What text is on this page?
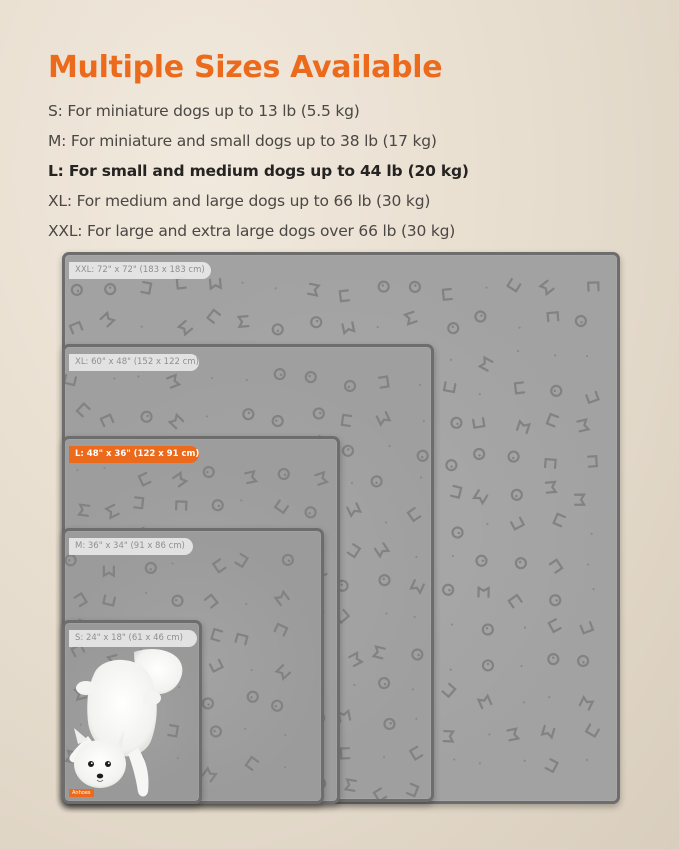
Multiple Sizes Available
S: For miniature dogs up to 13 lb (5.5 kg)
M: For miniature and small dogs up to 38 lb (17 kg)
L: For small and medium dogs up to 44 lb (20 kg)
XL: For medium and large dogs up to 66 lb (30 kg)
XXL: For large and extra large dogs over 66 lb (30 kg)
XXL: 72" x 72" (183 x 183 cm)
XL: 60" x 48" (152 x 122 cm)
L: 48" x 36" (122 x 91 cm)
M: 36" x 34" (91 x 86 cm)
S: 24" x 18" (61 x 46 cm)
Anhoes
